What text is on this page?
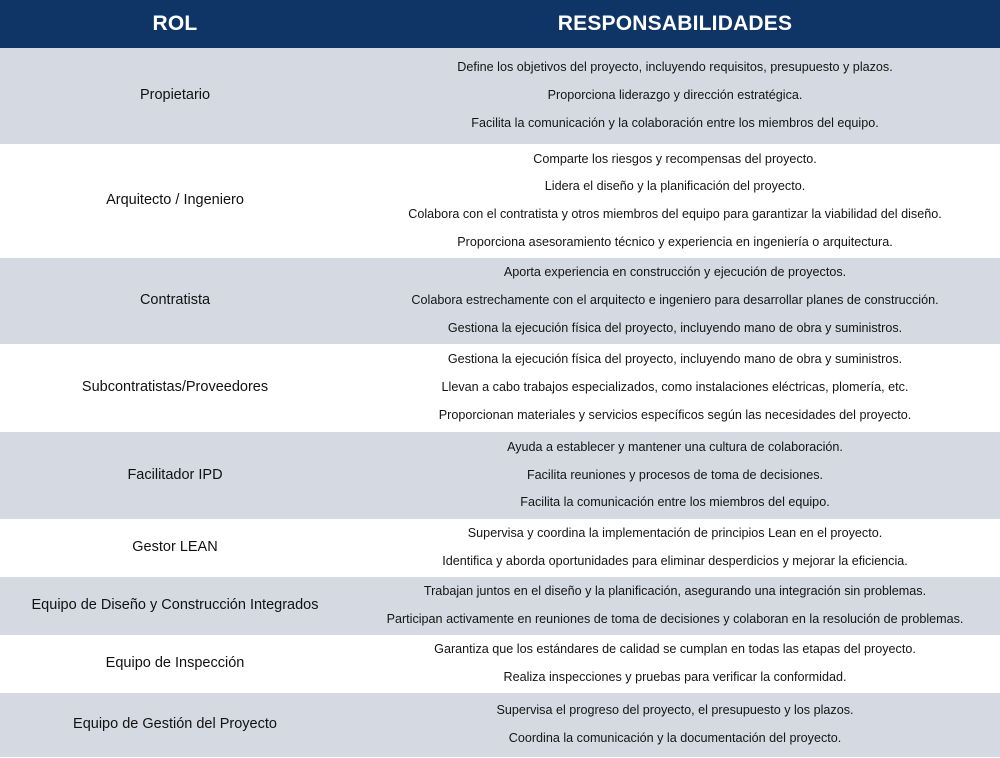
ROL	RESPONSABILIDADES
Propietario	Define los objetivos del proyecto, incluyendo requisitos, presupuesto y plazos.
Proporciona liderazgo y dirección estratégica.
Facilita la comunicación y la colaboración entre los miembros del equipo.

Arquitecto / Ingeniero	Comparte los riesgos y recompensas del proyecto.
Lidera el diseño y la planificación del proyecto.
Colabora con el contratista y otros miembros del equipo para garantizar la viabilidad del diseño.
Proporciona asesoramiento técnico y experiencia en ingeniería o arquitectura.

Contratista	Aporta experiencia en construcción y ejecución de proyectos.
Colabora estrechamente con el arquitecto e ingeniero para desarrollar planes de construcción.
Gestiona la ejecución física del proyecto, incluyendo mano de obra y suministros.

Subcontratistas/Proveedores	Gestiona la ejecución física del proyecto, incluyendo mano de obra y suministros.
Llevan a cabo trabajos especializados, como instalaciones eléctricas, plomería, etc.
Proporcionan materiales y servicios específicos según las necesidades del proyecto.

Facilitador IPD	Ayuda a establecer y mantener una cultura de colaboración.
Facilita reuniones y procesos de toma de decisiones.
Facilita la comunicación entre los miembros del equipo.

Gestor LEAN	Supervisa y coordina la implementación de principios Lean en el proyecto.
Identifica y aborda oportunidades para eliminar desperdicios y mejorar la eficiencia.

Equipo de Diseño y Construcción Integrados	Trabajan juntos en el diseño y la planificación, asegurando una integración sin problemas.
Participan activamente en reuniones de toma de decisiones y colaboran en la resolución de problemas.

Equipo de Inspección	Garantiza que los estándares de calidad se cumplan en todas las etapas del proyecto.
Realiza inspecciones y pruebas para verificar la conformidad.

Equipo de Gestión del Proyecto	Supervisa el progreso del proyecto, el presupuesto y los plazos.
Coordina la comunicación y la documentación del proyecto.
